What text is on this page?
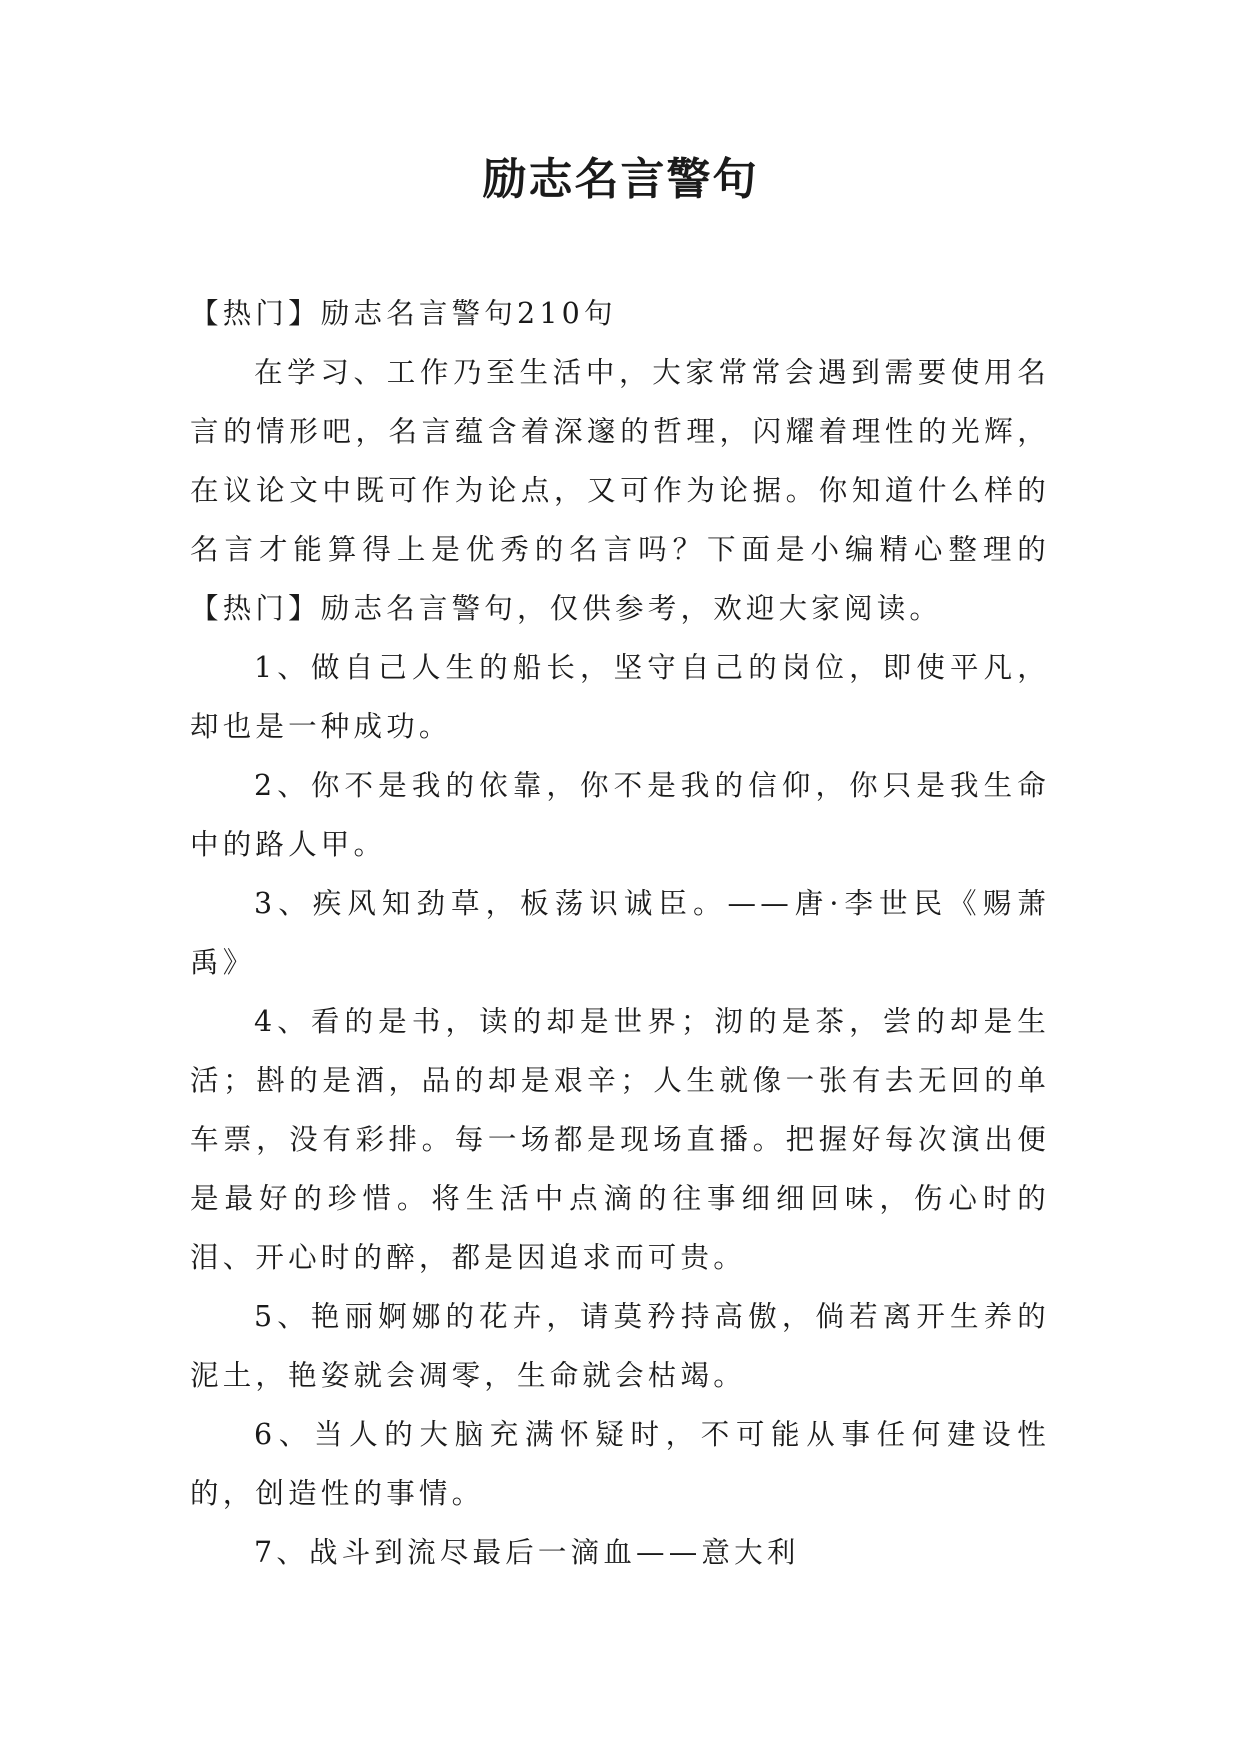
励志名言警句

【热门】励志名言警句210句

在学习、工作乃至生活中，大家常常会遇到需要使用名言的情形吧，名言蕴含着深邃的哲理，闪耀着理性的光辉，在议论文中既可作为论点，又可作为论据。你知道什么样的名言才能算得上是优秀的名言吗？下面是小编精心整理的【热门】励志名言警句，仅供参考，欢迎大家阅读。

1、做自己人生的船长，坚守自己的岗位，即使平凡，却也是一种成功。

2、你不是我的依靠，你不是我的信仰，你只是我生命中的路人甲。

3、疾风知劲草，板荡识诚臣。——唐·李世民《赐萧禹》

4、看的是书，读的却是世界；沏的是茶，尝的却是生活；斟的是酒，品的却是艰辛；人生就像一张有去无回的单车票，没有彩排。每一场都是现场直播。把握好每次演出便是最好的珍惜。将生活中点滴的往事细细回味，伤心时的泪、开心时的醉，都是因追求而可贵。

5、艳丽婀娜的花卉，请莫矜持高傲，倘若离开生养的泥土，艳姿就会凋零，生命就会枯竭。

6、当人的大脑充满怀疑时，不可能从事任何建设性的，创造性的事情。

7、战斗到流尽最后一滴血——意大利
